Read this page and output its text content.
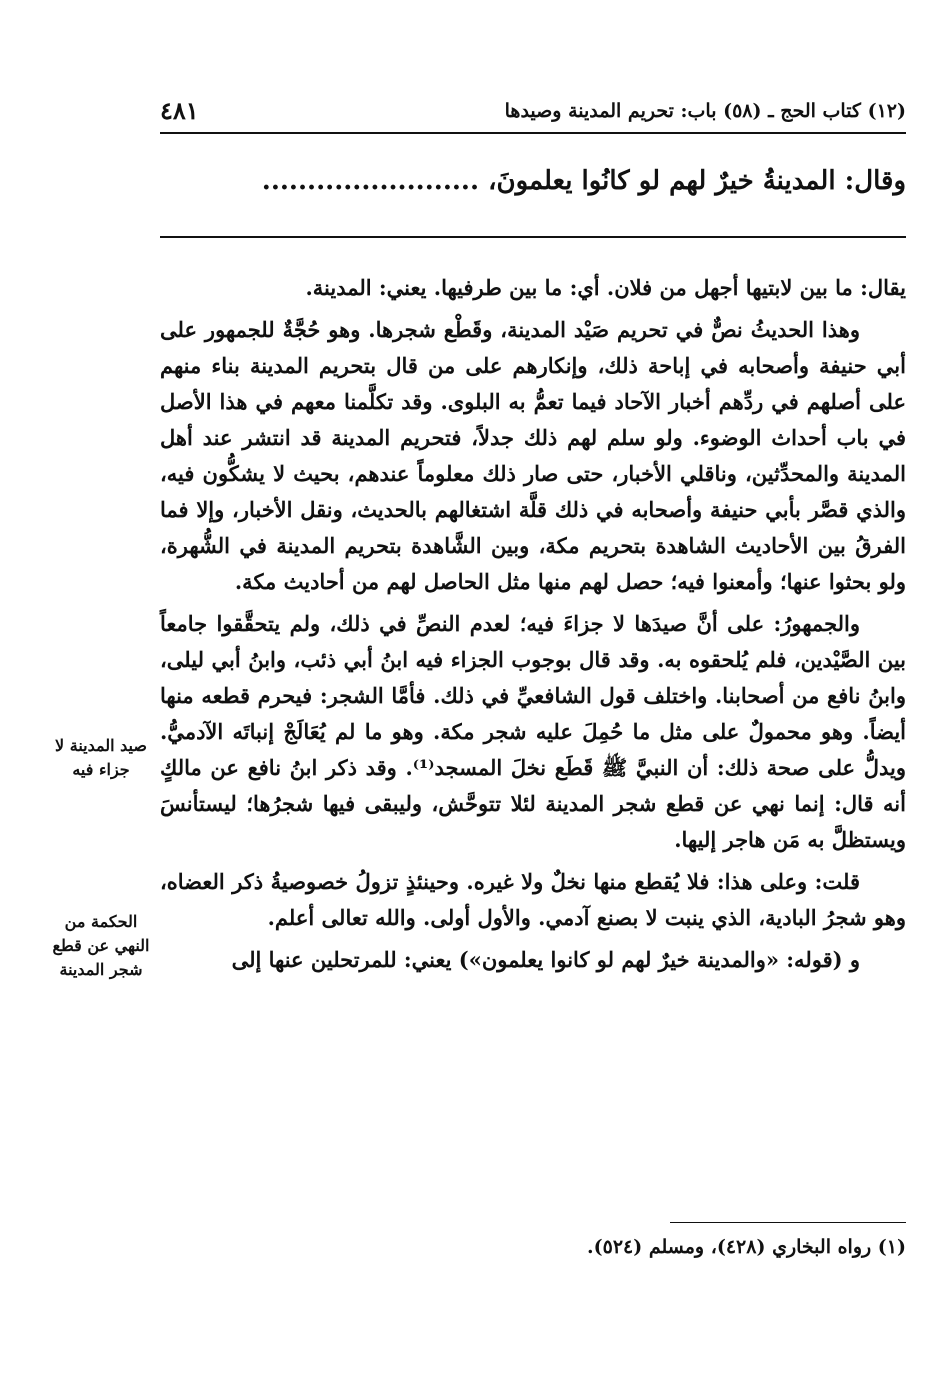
(١٢) كتاب الحج ـ (٥٨) باب: تحريم المدينة وصيدها
٤٨١
وقال: المدينةُ خيرٌ لهم لو كانُوا يعلمونَ، ........................

يقال: ما بين لابتيها أجهل من فلان. أي: ما بين طرفيها. يعني: المدينة.

وهذا الحديثُ نصٌّ في تحريم صَيْد المدينة، وقَطْع شجرها. وهو حُجَّةٌ للجمهور على أبي حنيفة وأصحابه في إباحة ذلك، وإنكارهم على من قال بتحريم المدينة بناء منهم على أصلهم في ردِّهم أخبار الآحاد فيما تعمُّ به البلوى. وقد تكلَّمنا معهم في هذا الأصل في باب أحداث الوضوء. ولو سلم لهم ذلك جدلاً، فتحريم المدينة قد انتشر عند أهل المدينة والمحدِّثين، وناقلي الأخبار، حتى صار ذلك معلوماً عندهم، بحيث لا يشكُّون فيه، والذي قصَّر بأبي حنيفة وأصحابه في ذلك قلَّة اشتغالهم بالحديث، ونقل الأخبار، وإلا فما الفرقُ بين الأحاديث الشاهدة بتحريم مكة، وبين الشَّاهدة بتحريم المدينة في الشُّهرة، ولو بحثوا عنها؛ وأمعنوا فيه؛ حصل لهم منها مثل الحاصل لهم من أحاديث مكة.

والجمهورُ: على أنَّ صيدَها لا جزاءَ فيه؛ لعدم النصِّ في ذلك، ولم يتحقَّقوا جامعاً بين الصَّيْدين، فلم يُلحقوه به. وقد قال بوجوب الجزاء فيه ابنُ أبي ذئب، وابنُ أبي ليلى، وابنُ نافع من أصحابنا. واختلف قول الشافعيِّ في ذلك. فأمَّا الشجر: فيحرم قطعه منها أيضاً. وهو محمولٌ على مثل ما حُمِلَ عليه شجر مكة. وهو ما لم يُعَالَجْ إنباتَه الآدميُّ. ويدلُّ على صحة ذلك: أن النبيَّ ﷺ قَطَع نخلَ المسجد⁽¹⁾. وقد ذكر ابنُ نافع عن مالكٍ أنه قال: إنما نهي عن قطع شجر المدينة لئلا تتوحَّش، وليبقى فيها شجرُها؛ ليستأنسَ ويستظلَّ به مَن هاجر إليها.

قلت: وعلى هذا: فلا يُقطع منها نخلٌ ولا غيره. وحينئذٍ تزولُ خصوصيةُ ذكر العضاه، وهو شجرُ البادية، الذي ينبت لا بصنع آدمي. والأول أولى. والله تعالى أعلم.

و (قوله: «والمدينة خيرٌ لهم لو كانوا يعلمون») يعني: للمرتحلين عنها إلى

صيد المدينة لا جزاء فيه
الحكمة من النهي عن قطع شجر المدينة
(١) رواه البخاري (٤٢٨)، ومسلم (٥٢٤).
